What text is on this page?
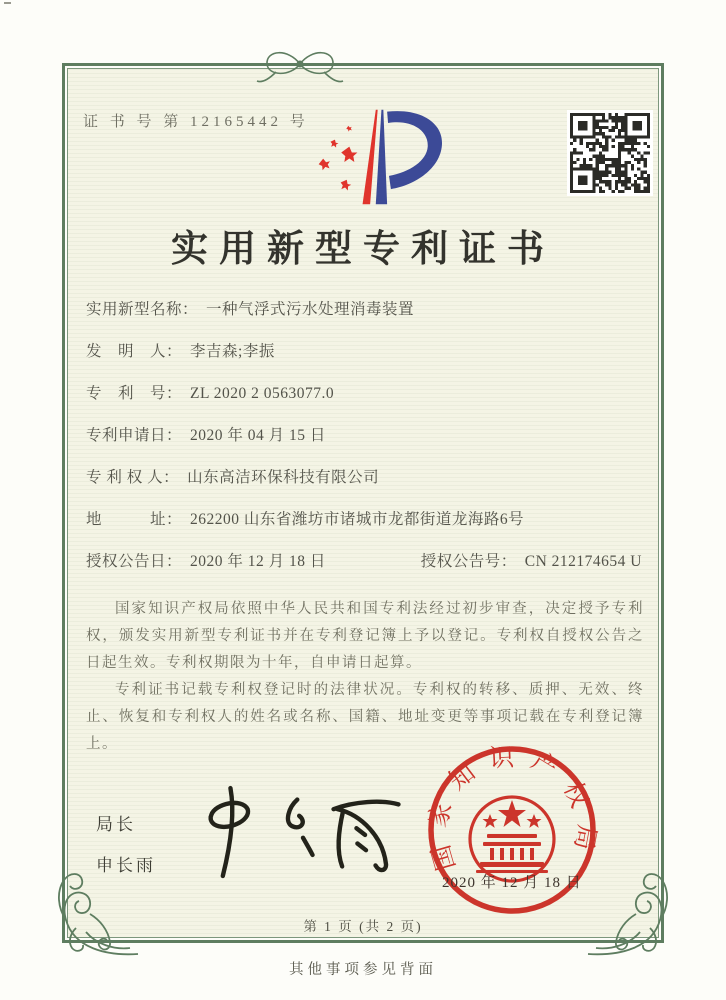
证 书 号 第 12165442 号
实用新型专利证书
实用新型名称： 一种气浮式污水处理消毒装置
发　明　人： 李吉森;李振
专　利　号： ZL 2020 2 0563077.0
专利申请日： 2020 年 04 月 15 日
专 利 权 人： 山东高洁环保科技有限公司
地　　　址： 262200 山东省潍坊市诸城市龙都街道龙海路6号
授权公告日： 2020 年 12 月 18 日	授权公告号： CN 212174654 U

国家知识产权局依照中华人民共和国专利法经过初步审查，决定授予专利权，颁发实用新型专利证书并在专利登记簿上予以登记。专利权自授权公告之日起生效。专利权期限为十年，自申请日起算。

专利证书记载专利权登记时的法律状况。专利权的转移、质押、无效、终止、恢复和专利权人的姓名或名称、国籍、地址变更等事项记载在专利登记簿上。

局长
申长雨	国家知识产权局
2020 年 12 月 18 日
第 1 页 (共 2 页)
其他事项参见背面
